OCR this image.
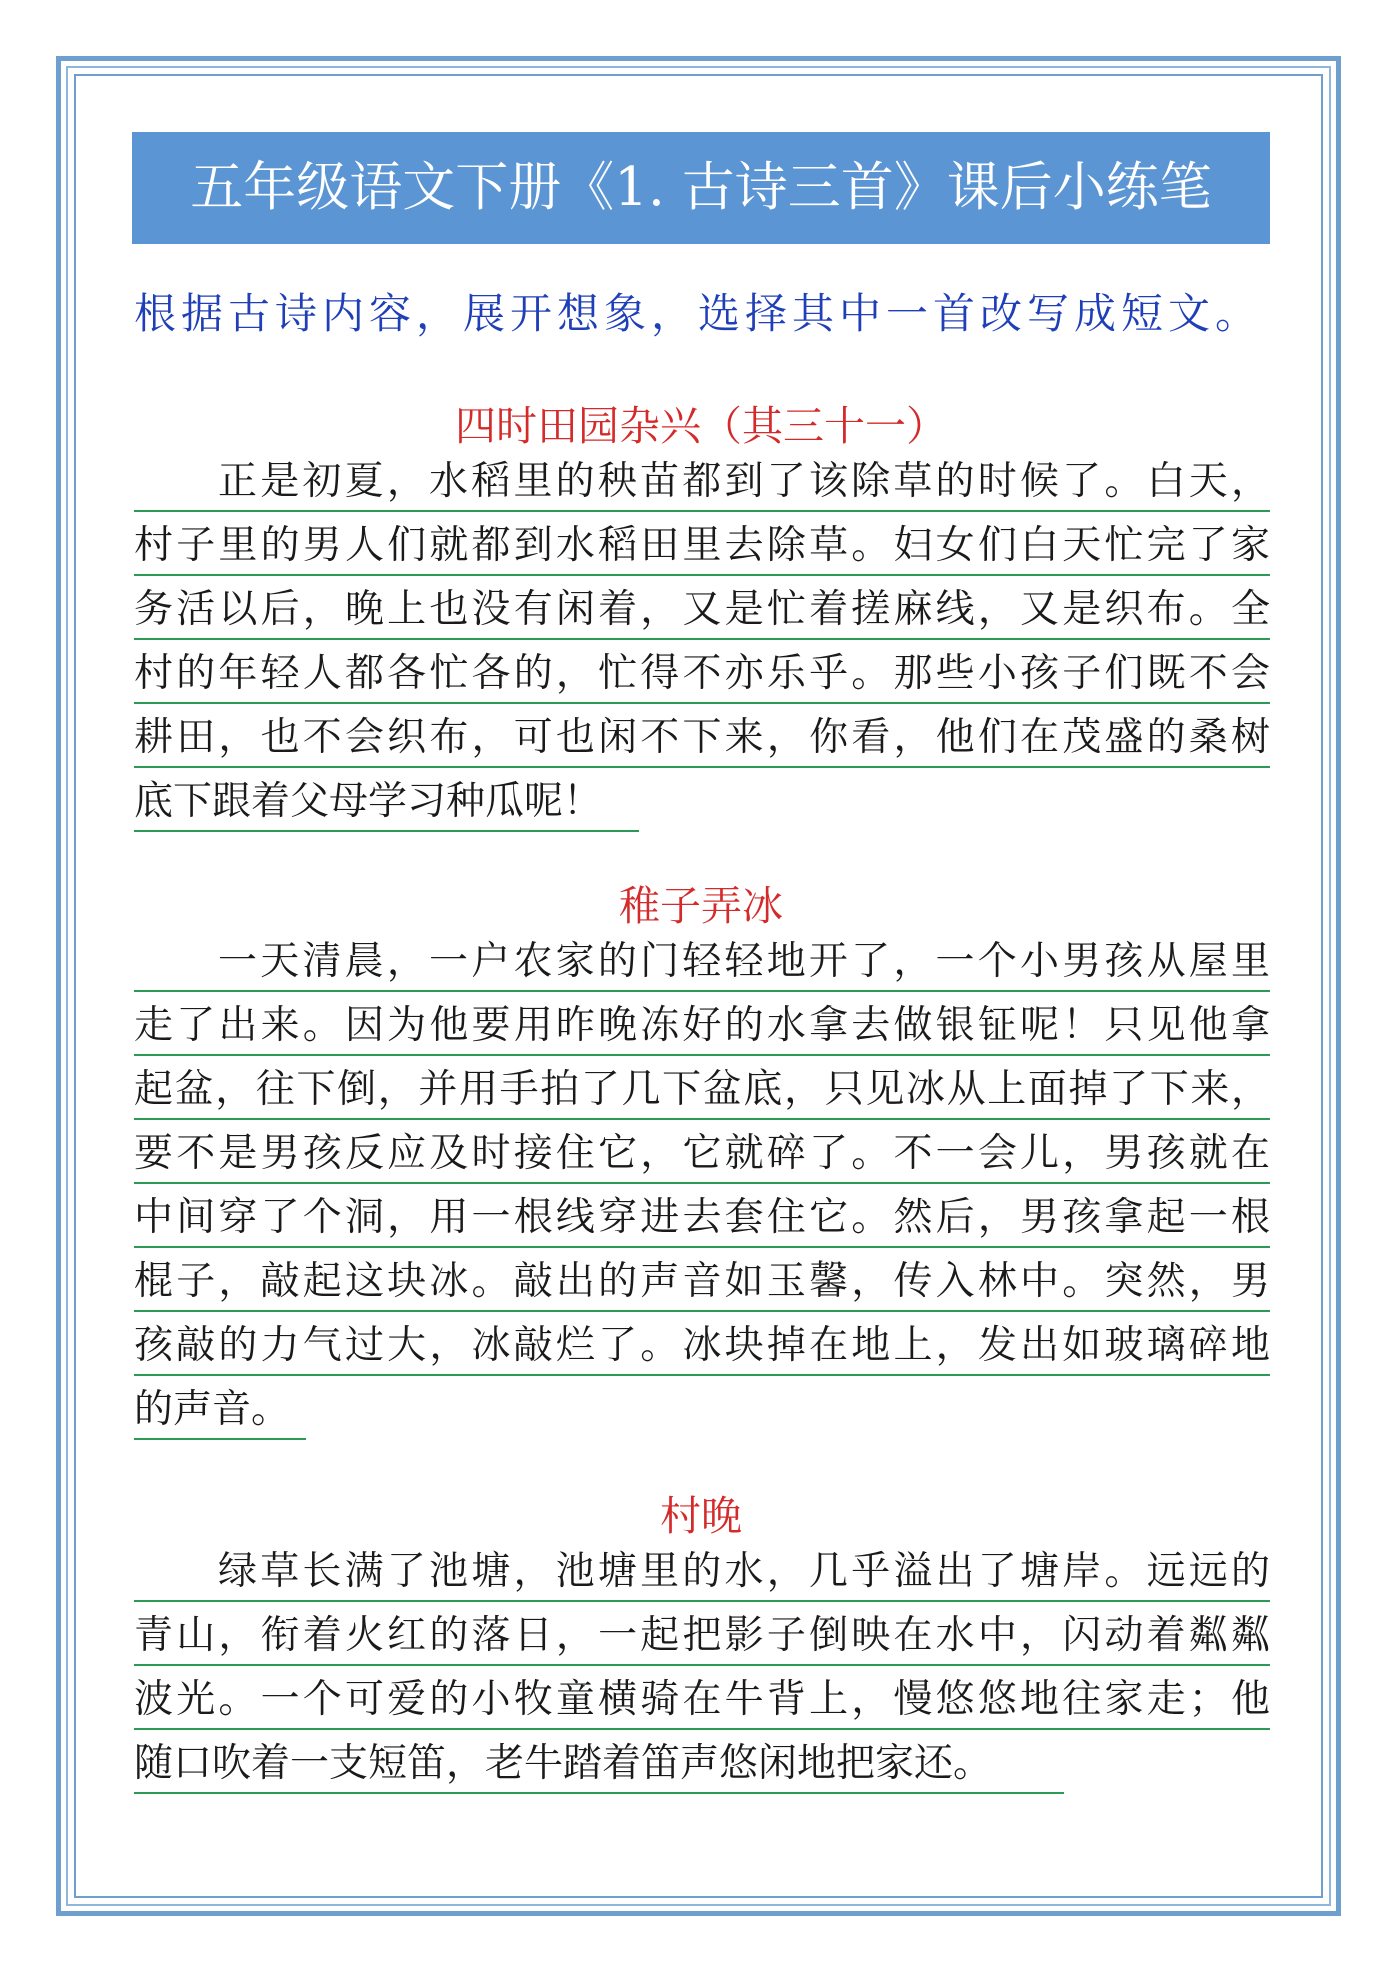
五年级语文下册《1. 古诗三首》课后小练笔
根据古诗内容，展开想象，选择其中一首改写成短文。
四时田园杂兴（其三十一）
正是初夏，水稻里的秧苗都到了该除草的时候了。白天，
村子里的男人们就都到水稻田里去除草。妇女们白天忙完了家
务活以后，晚上也没有闲着，又是忙着搓麻线，又是织布。全
村的年轻人都各忙各的，忙得不亦乐乎。那些小孩子们既不会
耕田，也不会织布，可也闲不下来，你看，他们在茂盛的桑树
底下跟着父母学习种瓜呢！
稚子弄冰
一天清晨，一户农家的门轻轻地开了，一个小男孩从屋里
走了出来。因为他要用昨晚冻好的水拿去做银钲呢！只见他拿
起盆，往下倒，并用手拍了几下盆底，只见冰从上面掉了下来，
要不是男孩反应及时接住它，它就碎了。不一会儿，男孩就在
中间穿了个洞，用一根线穿进去套住它。然后，男孩拿起一根
棍子，敲起这块冰。敲出的声音如玉馨，传入林中。突然，男
孩敲的力气过大，冰敲烂了。冰块掉在地上，发出如玻璃碎地
的声音。
村晚
绿草长满了池塘，池塘里的水，几乎溢出了塘岸。远远的
青山，衔着火红的落日，一起把影子倒映在水中，闪动着粼粼
波光。一个可爱的小牧童横骑在牛背上，慢悠悠地往家走；他
随口吹着一支短笛，老牛踏着笛声悠闲地把家还。
